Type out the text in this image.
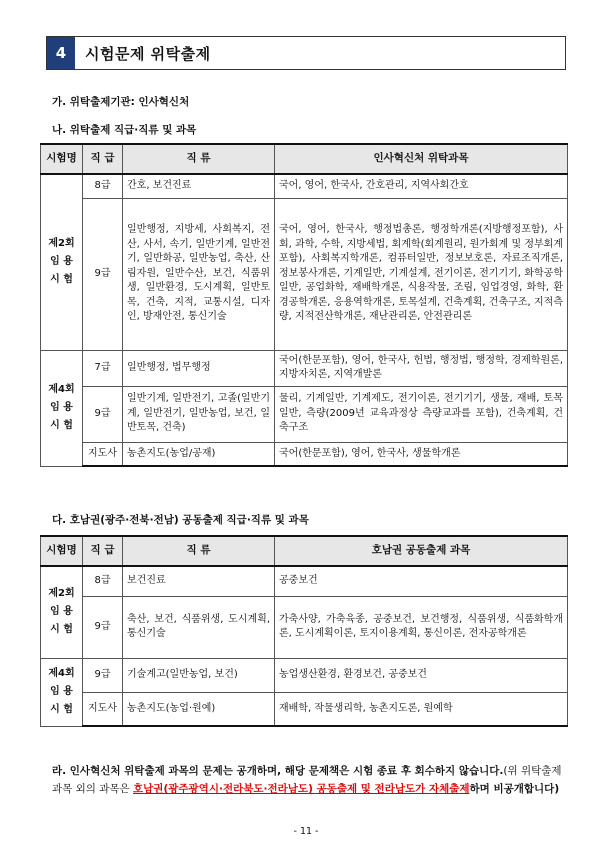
4	시험문제 위탁출제
가. 위탁출제기관: 인사혁신처
나. 위탁출제 직급·직류 및 과목
시험명	직 급	직 류	인사혁신처 위탁과목
제2회
임 용
시 험	8급	간호, 보건진료	국어, 영어, 한국사, 간호관리, 지역사회간호
	9급	일반행정, 지방세, 사회복지, 전산, 사서, 속기, 일반기계, 일반전기, 일반화공, 일반농업, 축산, 산림자원, 일반수산, 보건, 식품위생, 일반환경, 도시계획, 일반토목, 건축, 지적, 교통시설, 디자인, 방재안전, 통신기술	국어, 영어, 한국사, 행정법총론, 행정학개론(지방행정포함), 사회, 과학, 수학, 지방세법, 회계학(회계원리, 원가회계 및 정부회계 포함), 사회복지학개론, 컴퓨터일반, 정보보호론, 자료조직개론, 정보봉사개론, 기계일반, 기계설계, 전기이론, 전기기기, 화학공학일반, 공업화학, 재배학개론, 식용작물, 조림, 임업경영, 화학, 환경공학개론, 응용역학개론, 토목설계, 건축계획, 건축구조, 지적측량, 지적전산학개론, 재난관리론, 안전관리론
제4회
임 용
시 험	7급	일반행정, 법무행정	국어(한문포함), 영어, 한국사, 헌법, 행정법, 행정학, 경제학원론, 지방자치론, 지역개발론
	9급	일반기계, 일반전기, 고졸(일반기계, 일반전기, 일반농업, 보건, 일반토목, 건축)	물리, 기계일반, 기계제도, 전기이론, 전기기기, 생물, 재배, 토목일반, 측량(2009년 교육과정상 측량교과를 포함), 건축계획, 건축구조
	지도사	농촌지도(농업/공재)	국어(한문포함), 영어, 한국사, 생물학개론
다. 호남권(광주·전북·전남) 공동출제 직급·직류 및 과목
시험명	직 급	직 류	호남권 공동출제 과목
제2회
임 용
시 험	8급	보건진료	공중보건
	9급	축산, 보건, 식품위생, 도시계획, 통신기술	가축사양, 가축육종, 공중보건, 보건행정, 식품위생, 식품화학개론, 도시계획이론, 토지이용계획, 통신이론, 전자공학개론
제4회
임 용
시 험	9급	기술계고(일반농업, 보건)	농업생산환경, 환경보건, 공중보건
	지도사	농촌지도(농업·원예)	재배학, 작물생리학, 농촌지도론, 원예학
라. 인사혁신처 위탁출제 과목의 문제는 공개하며, 해당 문제책은 시험 종료 후 회수하지 않습니다.(위 위탁출제 과목 외의 과목은 호남권(광주광역시·전라북도·전라남도) 공동출제 및 전라남도가 자체출제하며 비공개합니다)
- 11 -
